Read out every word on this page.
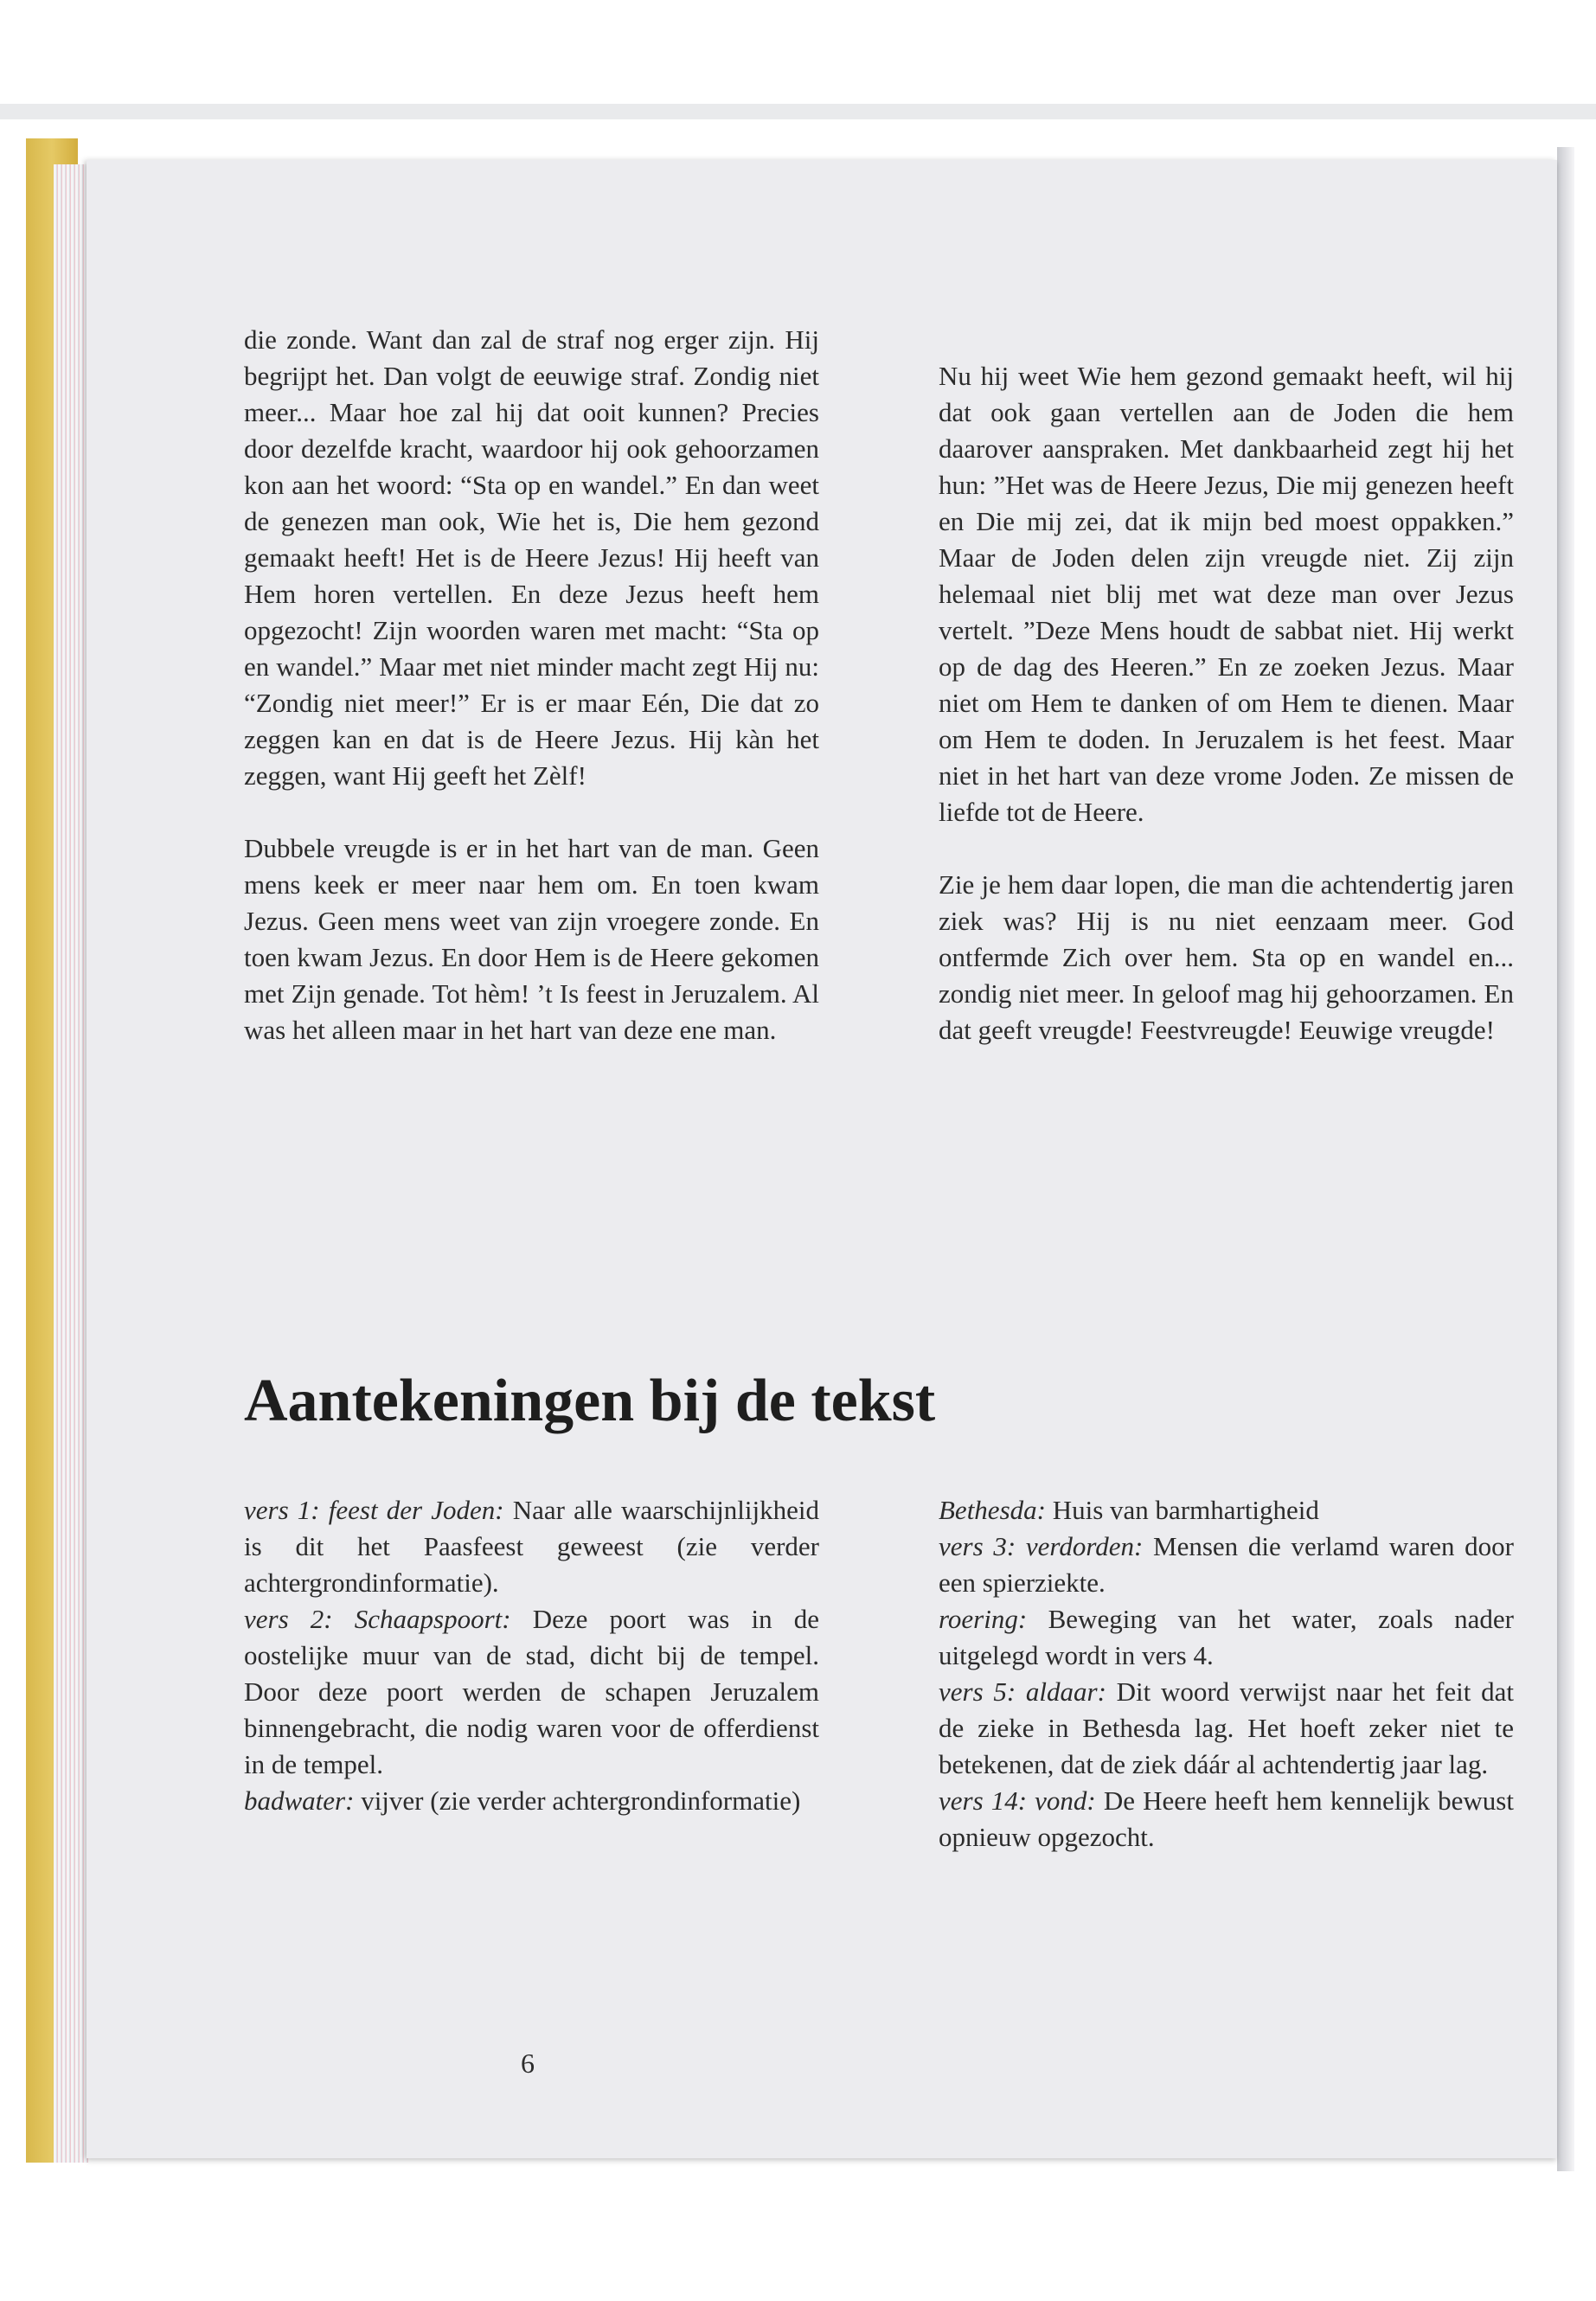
die zonde. Want dan zal de straf nog erger zijn. Hij begrijpt het. Dan volgt de eeuwige straf. Zondig niet meer... Maar hoe zal hij dat ooit kunnen? Precies door dezelfde kracht, waardoor hij ook gehoorzamen kon aan het woord: “Sta op en wandel.” En dan weet de genezen man ook, Wie het is, Die hem gezond gemaakt heeft! Het is de Heere Jezus! Hij heeft van Hem horen vertellen. En deze Jezus heeft hem opgezocht! Zijn woorden waren met macht: “Sta op en wandel.” Maar met niet minder macht zegt Hij nu: “Zondig niet meer!” Er is er maar Eén, Die dat zo zeggen kan en dat is de Heere Jezus. Hij kàn het zeggen, want Hij geeft het Zèlf!

Dubbele vreugde is er in het hart van de man. Geen mens keek er meer naar hem om. En toen kwam Jezus. Geen mens weet van zijn vroegere zonde. En toen kwam Jezus. En door Hem is de Heere gekomen met Zijn genade. Tot hèm! ’t Is feest in Jeruzalem. Al was het alleen maar in het hart van deze ene man.

Nu hij weet Wie hem gezond gemaakt heeft, wil hij dat ook gaan vertellen aan de Joden die hem daarover aanspraken. Met dankbaarheid zegt hij het hun: ”Het was de Heere Jezus, Die mij genezen heeft en Die mij zei, dat ik mijn bed moest oppakken.” Maar de Joden delen zijn vreugde niet. Zij zijn helemaal niet blij met wat deze man over Jezus vertelt. ”Deze Mens houdt de sabbat niet. Hij werkt op de dag des Heeren.” En ze zoeken Jezus. Maar niet om Hem te danken of om Hem te dienen. Maar om Hem te doden. In Jeruzalem is het feest. Maar niet in het hart van deze vrome Joden. Ze missen de liefde tot de Heere.

Zie je hem daar lopen, die man die achtendertig jaren ziek was? Hij is nu niet eenzaam meer. God ontfermde Zich over hem. Sta op en wandel en... zondig niet meer. In geloof mag hij gehoorzamen. En dat geeft vreugde! Feestvreugde! Eeuwige vreugde!

Aantekeningen bij de tekst

vers 1: feest der Joden: Naar alle waarschijnlijkheid is dit het Paasfeest geweest (zie verder achtergrondinformatie).

vers 2: Schaapspoort: Deze poort was in de oostelijke muur van de stad, dicht bij de tempel. Door deze poort werden de schapen Jeruzalem binnengebracht, die nodig waren voor de offerdienst in de tempel.

badwater: vijver (zie verder achtergrondinformatie)

Bethesda: Huis van barmhartigheid

vers 3: verdorden: Mensen die verlamd waren door een spierziekte.

roering: Beweging van het water, zoals nader uitgelegd wordt in vers 4.

vers 5: aldaar: Dit woord verwijst naar het feit dat de zieke in Bethesda lag. Het hoeft zeker niet te betekenen, dat de ziek dáár al achtendertig jaar lag.

vers 14: vond: De Heere heeft hem kennelijk bewust opnieuw opgezocht.

6
